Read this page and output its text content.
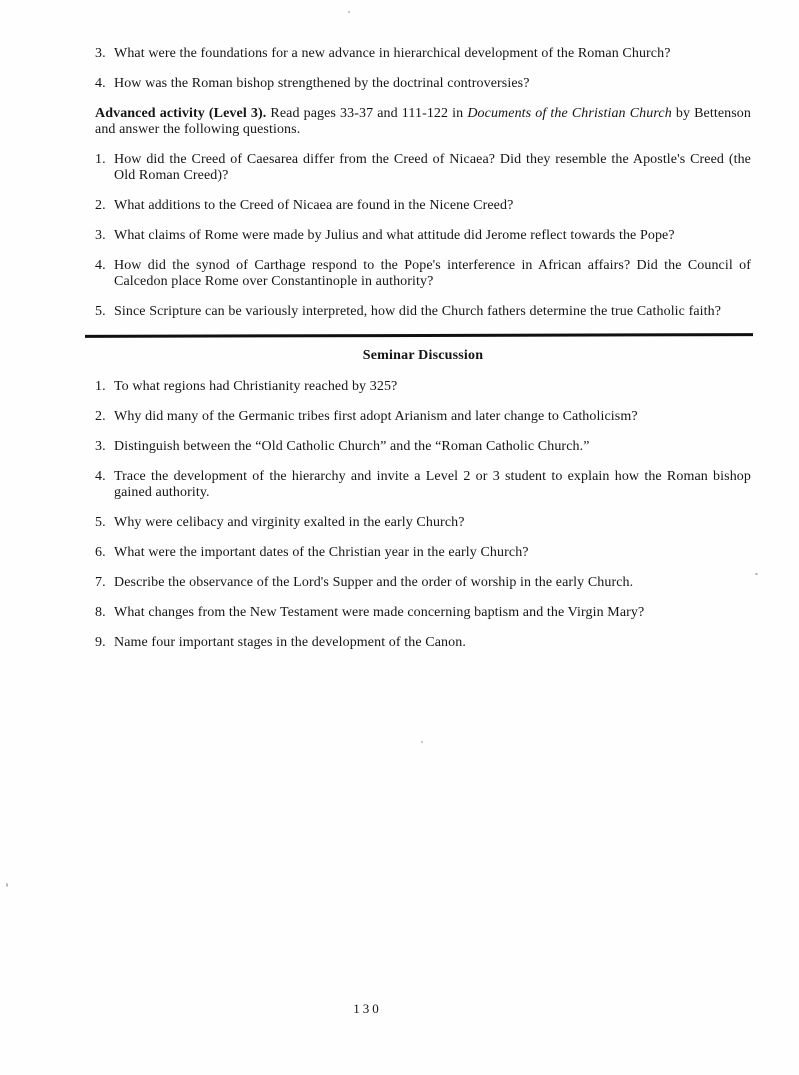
3. What were the foundations for a new advance in hierarchical development of the Roman Church?
4. How was the Roman bishop strengthened by the doctrinal controversies?
Advanced activity (Level 3). Read pages 33-37 and 111-122 in Documents of the Christian Church by Bettenson and answer the following questions.
1. How did the Creed of Caesarea differ from the Creed of Nicaea? Did they resemble the Apostle's Creed (the Old Roman Creed)?
2. What additions to the Creed of Nicaea are found in the Nicene Creed?
3. What claims of Rome were made by Julius and what attitude did Jerome reflect towards the Pope?
4. How did the synod of Carthage respond to the Pope's interference in African affairs? Did the Council of Calcedon place Rome over Constantinople in authority?
5. Since Scripture can be variously interpreted, how did the Church fathers determine the true Catholic faith?
Seminar Discussion
1. To what regions had Christianity reached by 325?
2. Why did many of the Germanic tribes first adopt Arianism and later change to Catholicism?
3. Distinguish between the “Old Catholic Church” and the “Roman Catholic Church.”
4. Trace the development of the hierarchy and invite a Level 2 or 3 student to explain how the Roman bishop gained authority.
5. Why were celibacy and virginity exalted in the early Church?
6. What were the important dates of the Christian year in the early Church?
7. Describe the observance of the Lord's Supper and the order of worship in the early Church.
8. What changes from the New Testament were made concerning baptism and the Virgin Mary?
9. Name four important stages in the development of the Canon.
130
